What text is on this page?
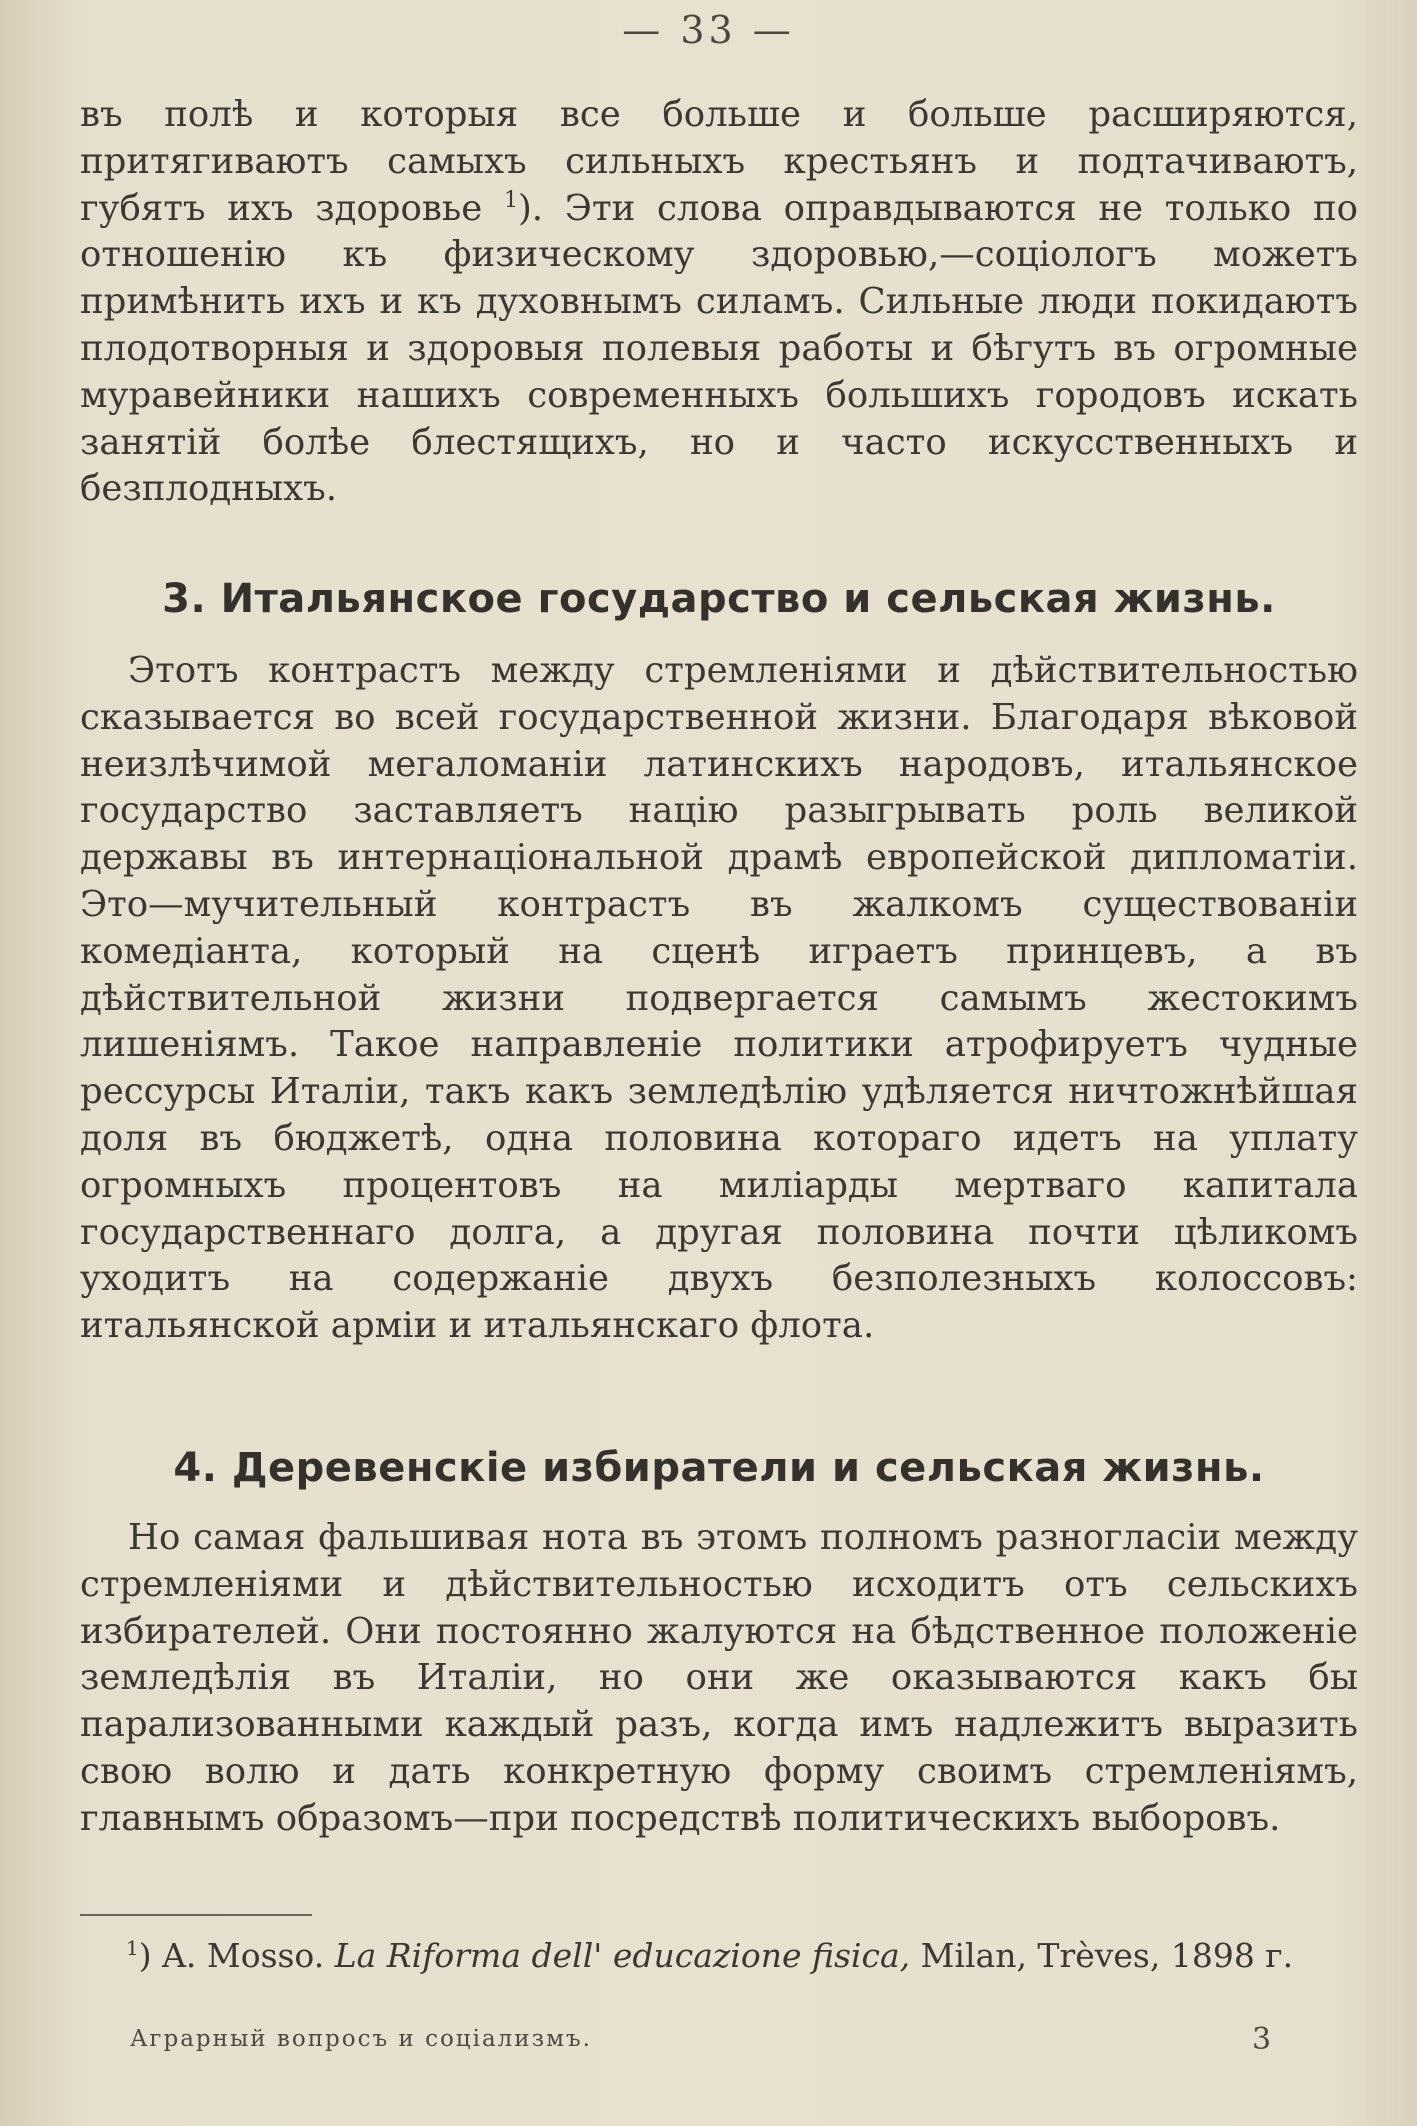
— 33 —

въ полѣ и которыя все больше и больше расширяются, притягиваютъ самыхъ сильныхъ крестьянъ и подтачиваютъ, губятъ ихъ здоровье $^1$). Эти слова оправдываются не только по отношенію къ физическому здоровью,—соціологъ можетъ примѣнить ихъ и къ духовнымъ силамъ. Сильные люди покидаютъ плодотворныя и здоровыя полевыя работы и бѣгутъ въ огромные муравейники нашихъ современныхъ большихъ городовъ искать занятій болѣе блестящихъ, но и часто искусственныхъ и безплодныхъ.

3. Итальянское государство и сельская жизнь.

Этотъ контрастъ между стремленіями и дѣйствительностью сказывается во всей государственной жизни. Благодаря вѣковой неизлѣчимой мегаломаніи латинскихъ народовъ, итальянское государство заставляетъ націю разыгрывать роль великой державы въ интернаціональной драмѣ европейской дипломатіи. Это—мучительный контрастъ въ жалкомъ существованіи комедіанта, который на сценѣ играетъ принцевъ, а въ дѣйствительной жизни подвергается самымъ жестокимъ лишеніямъ. Такое направленіе политики атрофируетъ чудные рессурсы Италіи, такъ какъ земледѣлію удѣляется ничтожнѣйшая доля въ бюджетѣ, одна половина котораго идетъ на уплату огромныхъ процентовъ на миліарды мертваго капитала государственнаго долга, а другая половина почти цѣликомъ уходитъ на содержаніе двухъ безполезныхъ колоссовъ: итальянской арміи и итальянскаго флота.

4. Деревенскіе избиратели и сельская жизнь.

Но самая фальшивая нота въ этомъ полномъ разногласіи между стремленіями и дѣйствительностью исходитъ отъ сельскихъ избирателей. Они постоянно жалуются на бѣдственное положеніе земледѣлія въ Италіи, но они же оказываются какъ бы парализованными каждый разъ, когда имъ надлежитъ выразить свою волю и дать конкретную форму своимъ стремленіямъ, главнымъ образомъ—при посредствѣ политическихъ выборовъ.

$^1$) A. Mosso. La Riforma dell' educazione fisica, Milan, Trèves, 1898 г.
Аграрный вопросъ и соціализмъ.	3
